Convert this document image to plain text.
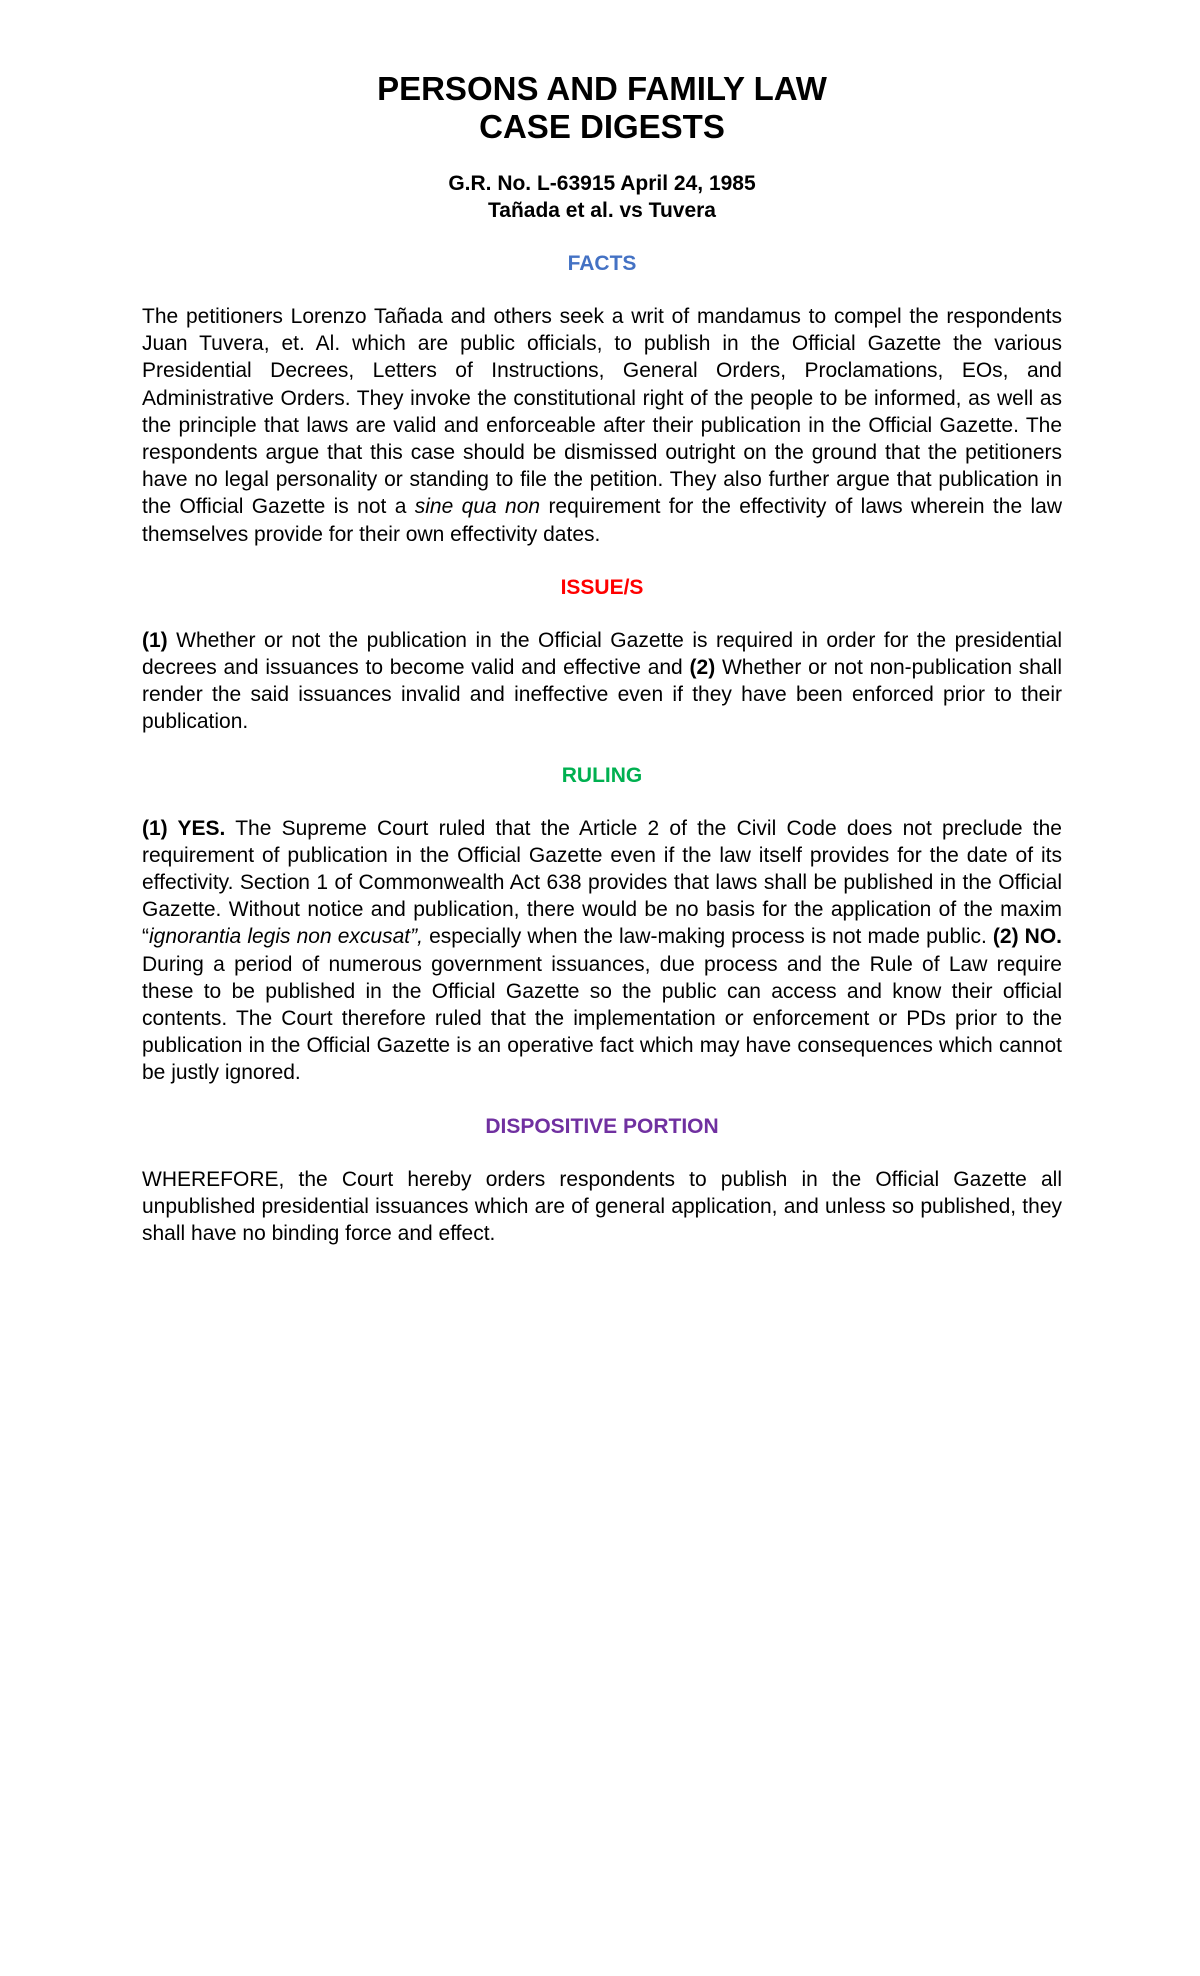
PERSONS AND FAMILY LAW
CASE DIGESTS
G.R. No. L-63915 April 24, 1985
Tañada et al. vs Tuvera
FACTS

The petitioners Lorenzo Tañada and others seek a writ of mandamus to compel the respondents Juan Tuvera, et. Al. which are public officials, to publish in the Official Gazette the various Presidential Decrees, Letters of Instructions, General Orders, Proclamations, EOs, and Administrative Orders. They invoke the constitutional right of the people to be informed, as well as the principle that laws are valid and enforceable after their publication in the Official Gazette. The respondents argue that this case should be dismissed outright on the ground that the petitioners have no legal personality or standing to file the petition. They also further argue that publication in the Official Gazette is not a sine qua non requirement for the effectivity of laws wherein the law themselves provide for their own effectivity dates.

ISSUE/S

(1) Whether or not the publication in the Official Gazette is required in order for the presidential decrees and issuances to become valid and effective and (2) Whether or not non-publication shall render the said issuances invalid and ineffective even if they have been enforced prior to their publication.

RULING

(1) YES. The Supreme Court ruled that the Article 2 of the Civil Code does not preclude the requirement of publication in the Official Gazette even if the law itself provides for the date of its effectivity. Section 1 of Commonwealth Act 638 provides that laws shall be published in the Official Gazette. Without notice and publication, there would be no basis for the application of the maxim “ignorantia legis non excusat”, especially when the law-making process is not made public. (2) NO. During a period of numerous government issuances, due process and the Rule of Law require these to be published in the Official Gazette so the public can access and know their official contents. The Court therefore ruled that the implementation or enforcement or PDs prior to the publication in the Official Gazette is an operative fact which may have consequences which cannot be justly ignored.

DISPOSITIVE PORTION

WHEREFORE, the Court hereby orders respondents to publish in the Official Gazette all unpublished presidential issuances which are of general application, and unless so published, they shall have no binding force and effect.
